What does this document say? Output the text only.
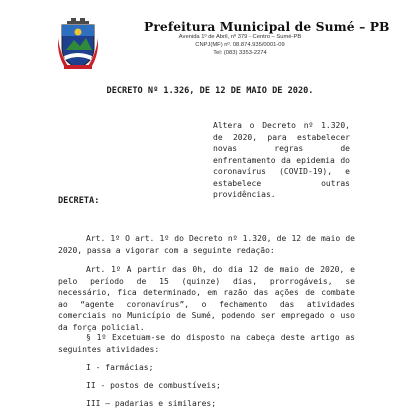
Prefeitura Municipal de Sumé – PB
Avenida 1º de Abril, nº 379 - Centro – Sumé-PB
CNPJ(MF) nº. 08.874.935/0001-09
Tel: (083) 3353-2274
DECRETO Nº 1.326, DE 12 DE MAIO DE 2020.
Altera o Decreto nº 1.320, de 2020, para estabelecer novas regras de enfrentamento da epidemia do coronavírus (COVID-19), e estabelece outras providências.
DECRETA:
Art. 1º O art. 1º do Decreto nº 1.320, de 12 de maio de 2020, passa a vigorar com a seguinte redação:
Art. 1º A partir das 0h, do dia 12 de maio de 2020, e pelo período de 15 (quinze) dias, prorrogáveis, se necessário, fica determinado, em razão das ações de combate ao “agente coronavírus”, o fechamento das atividades comerciais no Município de Sumé, podendo ser empregado o uso da força policial.
§ 1º Excetuam-se do disposto na cabeça deste artigo as seguintes atividades:
I - farmácias;
II - postos de combustíveis;
III – padarias e similares;
